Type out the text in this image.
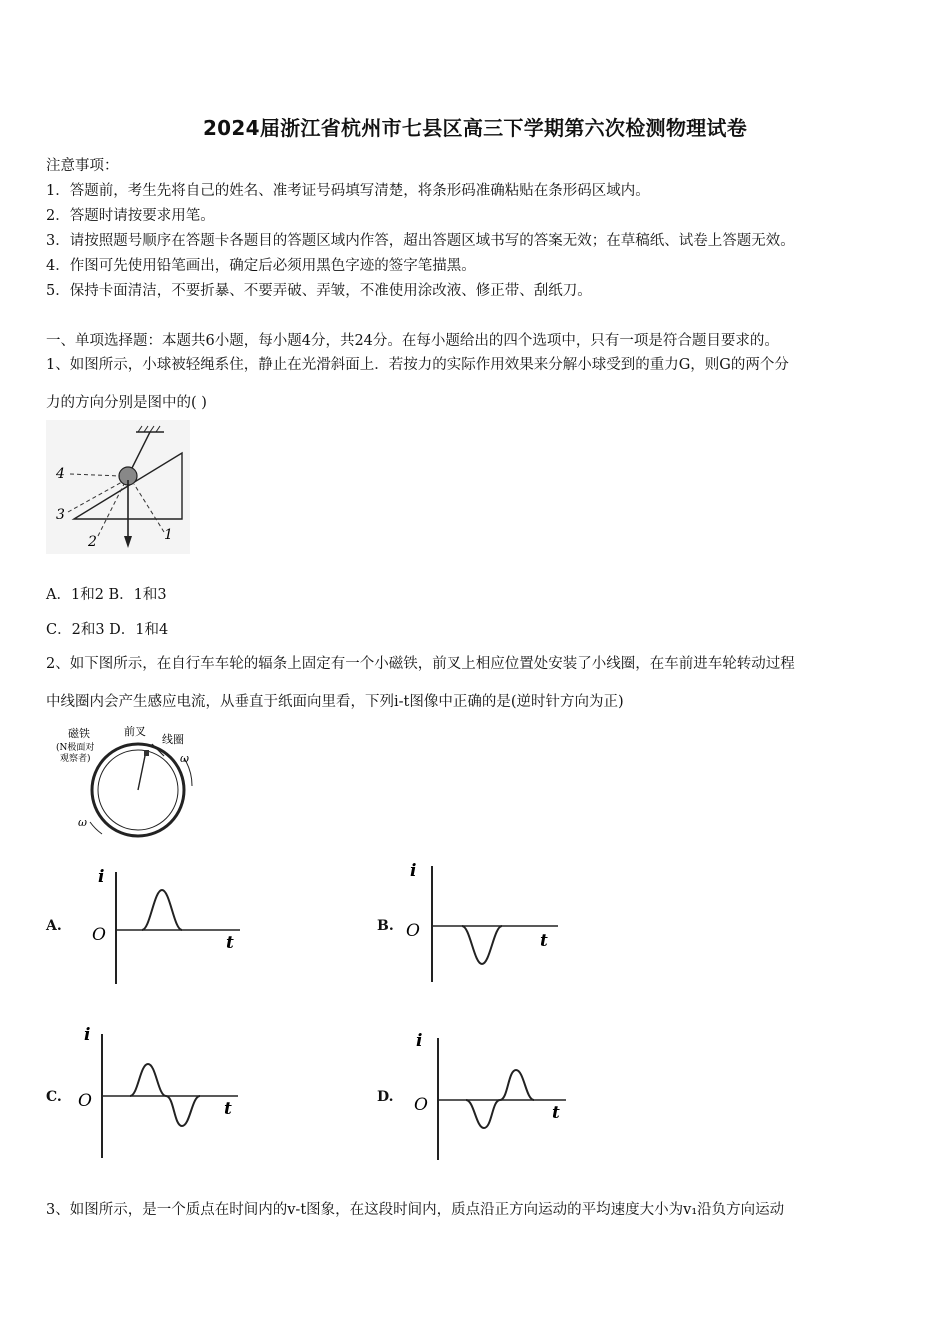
2024届浙江省杭州市七县区高三下学期第六次检测物理试卷
注意事项：
1．答题前，考生先将自己的姓名、准考证号码填写清楚，将条形码准确粘贴在条形码区域内。
2．答题时请按要求用笔。
3．请按照题号顺序在答题卡各题目的答题区域内作答，超出答题区域书写的答案无效；在草稿纸、试卷上答题无效。
4．作图可先使用铅笔画出，确定后必须用黑色字迹的签字笔描黑。
5．保持卡面清洁，不要折暴、不要弄破、弄皱，不准使用涂改液、修正带、刮纸刀。
一、单项选择题：本题共6小题，每小题4分，共24分。在每小题给出的四个选项中，只有一项是符合题目要求的。
1、如图所示，小球被轻绳系住，静止在光滑斜面上．若按力的实际作用效果来分解小球受到的重力G，则G的两个分
力的方向分别是图中的( )
4
3
2	1
A．1和2 B．1和3
C．2和3 D．1和4
2、如下图所示，在自行车车轮的辐条上固定有一个小磁铁，前叉上相应位置处安装了小线圈，在车前进车轮转动过程
中线圈内会产生感应电流，从垂直于纸面向里看，下列i-t图像中正确的是(逆时针方向为正)
磁铁
(N极面对
观察者)
前叉
线圈
ω
ω
A.
i
O	t
B.
i
O	t
C.
i
O	t
D.
i
O	t
3、如图所示，是一个质点在时间内的v-t图象，在这段时间内，质点沿正方向运动的平均速度大小为v₁沿负方向运动
